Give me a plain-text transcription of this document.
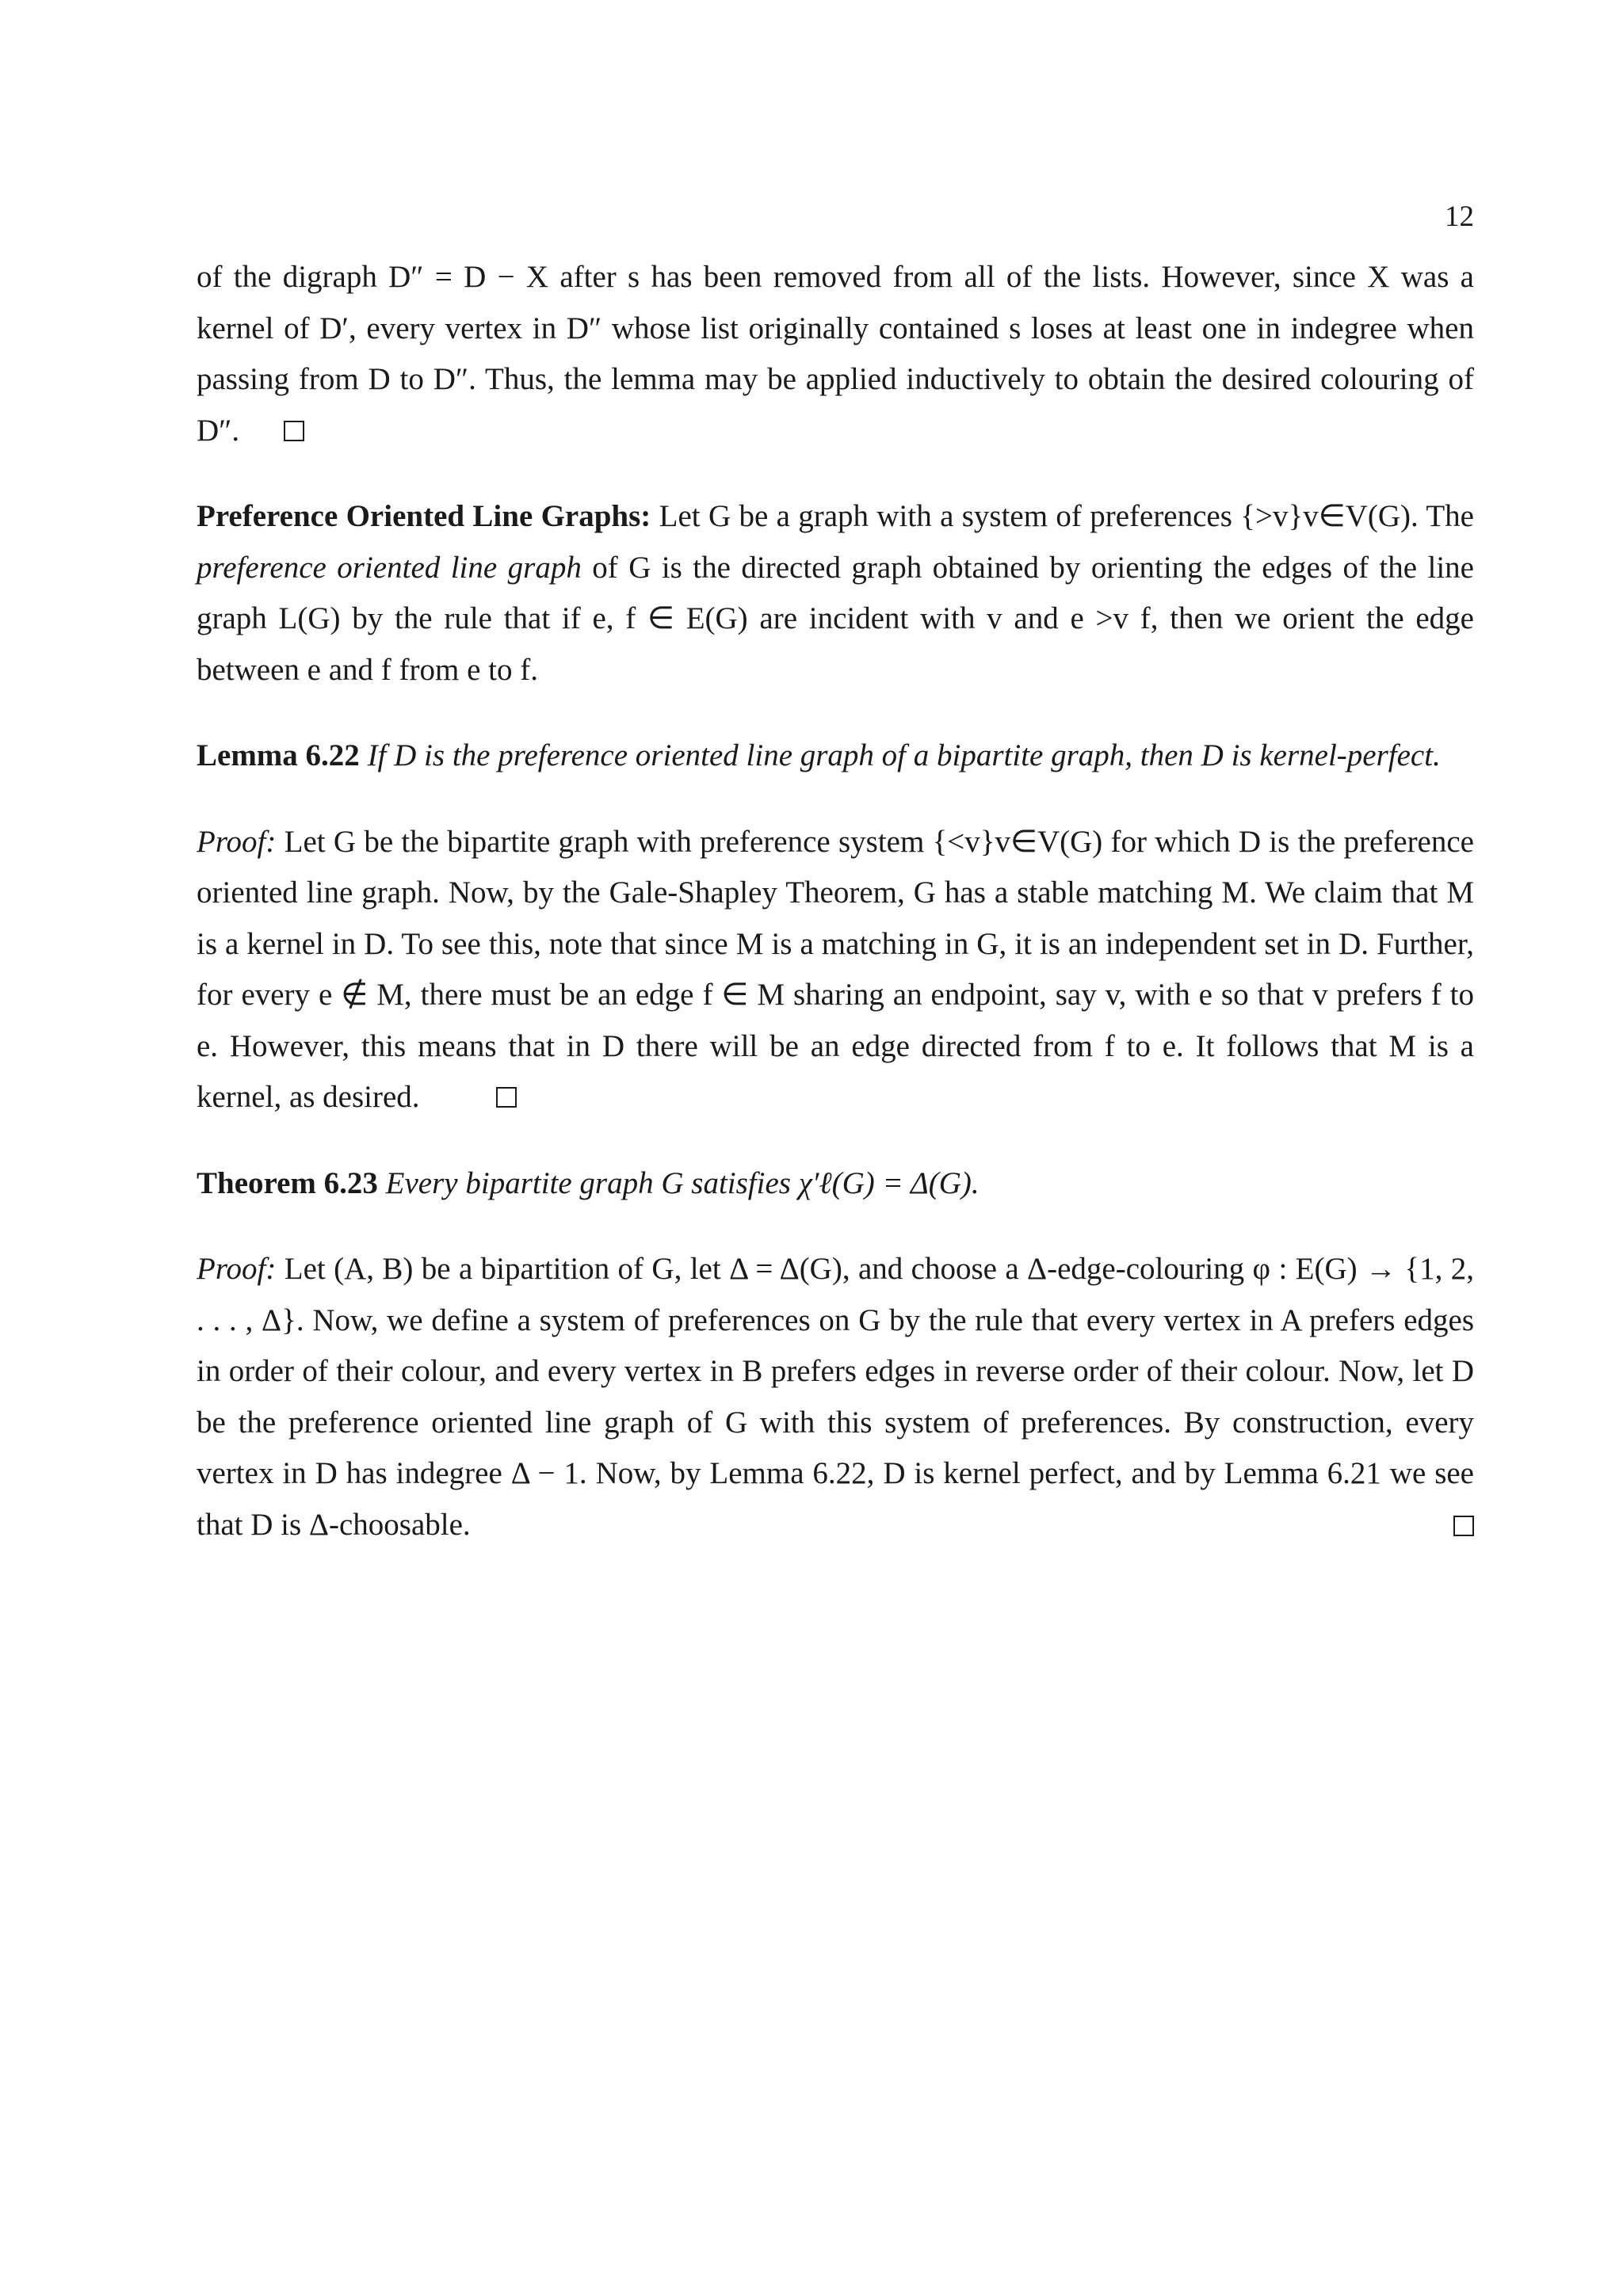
12

of the digraph D″ = D − X after s has been removed from all of the lists. However, since X was a kernel of D′, every vertex in D″ whose list originally contained s loses at least one in indegree when passing from D to D″. Thus, the lemma may be applied inductively to obtain the desired colouring of D″.

Preference Oriented Line Graphs: Let G be a graph with a system of preferences {>v}v∈V(G). The preference oriented line graph of G is the directed graph obtained by orienting the edges of the line graph L(G) by the rule that if e, f ∈ E(G) are incident with v and e >v f, then we orient the edge between e and f from e to f.

Lemma 6.22 If D is the preference oriented line graph of a bipartite graph, then D is kernel-perfect.

Proof: Let G be the bipartite graph with preference system {<v}v∈V(G) for which D is the preference oriented line graph. Now, by the Gale-Shapley Theorem, G has a stable matching M. We claim that M is a kernel in D. To see this, note that since M is a matching in G, it is an independent set in D. Further, for every e ∉ M, there must be an edge f ∈ M sharing an endpoint, say v, with e so that v prefers f to e. However, this means that in D there will be an edge directed from f to e. It follows that M is a kernel, as desired.

Theorem 6.23 Every bipartite graph G satisfies χ′ℓ(G) = Δ(G).

Proof: Let (A, B) be a bipartition of G, let Δ = Δ(G), and choose a Δ-edge-colouring φ : E(G) → {1, 2, . . . , Δ}. Now, we define a system of preferences on G by the rule that every vertex in A prefers edges in order of their colour, and every vertex in B prefers edges in reverse order of their colour. Now, let D be the preference oriented line graph of G with this system of preferences. By construction, every vertex in D has indegree Δ − 1. Now, by Lemma 6.22, D is kernel perfect, and by Lemma 6.21 we see that D is Δ-choosable.
